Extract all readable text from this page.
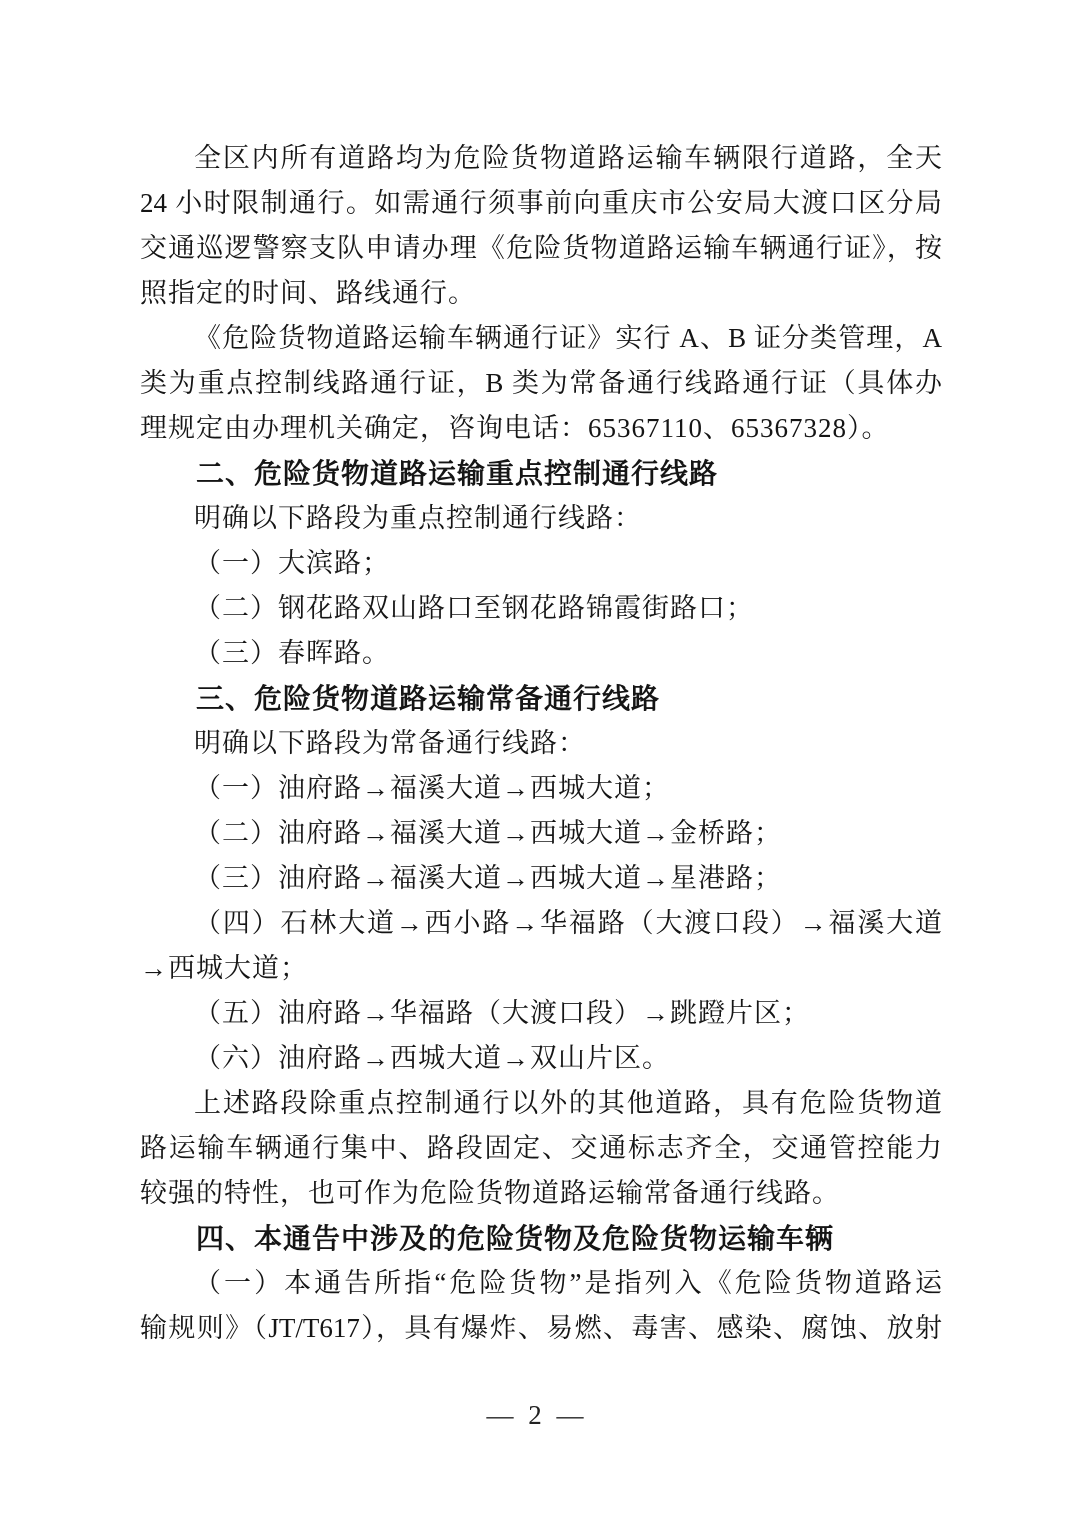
全区内所有道路均为危险货物道路运输车辆限行道路，全天
24 小时限制通行。如需通行须事前向重庆市公安局大渡口区分局
交通巡逻警察支队申请办理《危险货物道路运输车辆通行证》，按
照指定的时间、路线通行。
《危险货物道路运输车辆通行证》实行 A、B 证分类管理，A
类为重点控制线路通行证，B 类为常备通行线路通行证（具体办
理规定由办理机关确定，咨询电话：65367110、65367328）。
二、危险货物道路运输重点控制通行线路
明确以下路段为重点控制通行线路：
（一）大滨路；
（二）钢花路双山路口至钢花路锦霞街路口；
（三）春晖路。
三、危险货物道路运输常备通行线路
明确以下路段为常备通行线路：
（一）油府路→福溪大道→西城大道；
（二）油府路→福溪大道→西城大道→金桥路；
（三）油府路→福溪大道→西城大道→星港路；
（四）石林大道→西小路→华福路（大渡口段）→福溪大道
→西城大道；
（五）油府路→华福路（大渡口段）→跳蹬片区；
（六）油府路→西城大道→双山片区。
上述路段除重点控制通行以外的其他道路，具有危险货物道
路运输车辆通行集中、路段固定、交通标志齐全，交通管控能力
较强的特性，也可作为危险货物道路运输常备通行线路。
四、本通告中涉及的危险货物及危险货物运输车辆
（一）本通告所指“危险货物”是指列入《危险货物道路运
输规则》（JT/T617），具有爆炸、易燃、毒害、感染、腐蚀、放射
— 2 —
